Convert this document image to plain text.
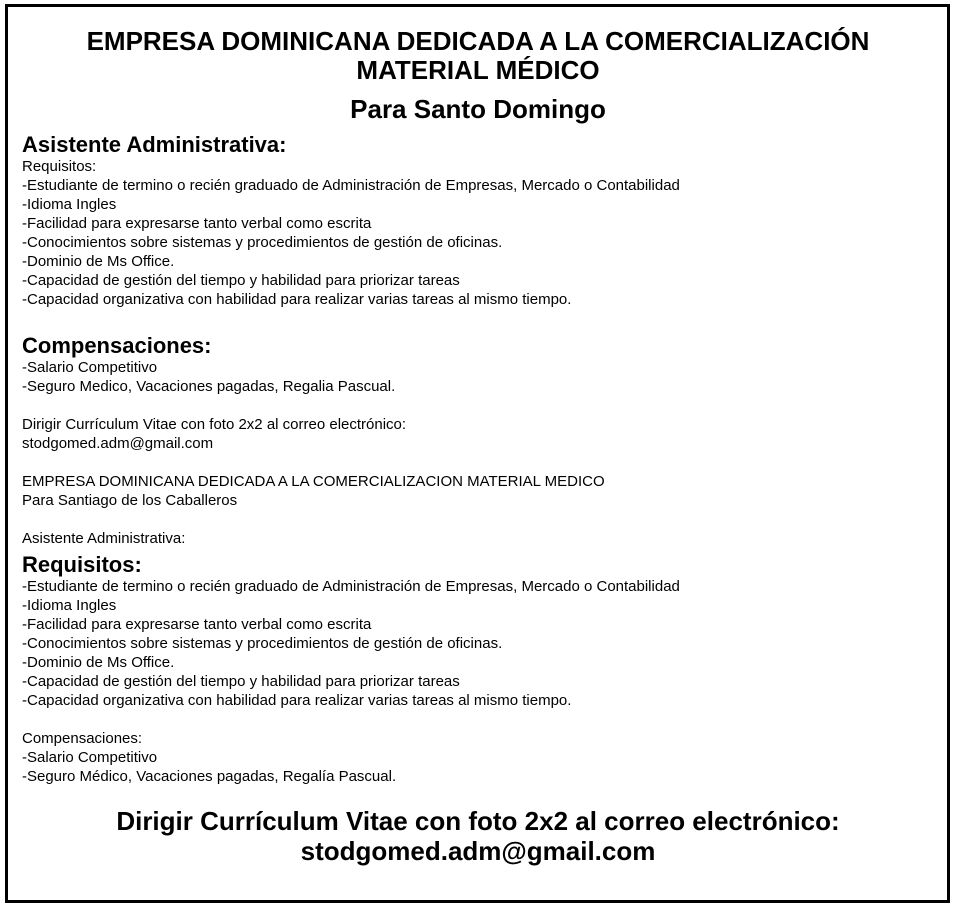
EMPRESA DOMINICANA DEDICADA A LA COMERCIALIZACIÓN MATERIAL MÉDICO
Para Santo Domingo
Asistente Administrativa:

Requisitos:

-Estudiante de termino o recién graduado de Administración de Empresas, Mercado o Contabilidad
-Idioma Ingles
-Facilidad para expresarse tanto verbal como escrita
-Conocimientos sobre sistemas y procedimientos de gestión de oficinas.
-Dominio de Ms Office.
-Capacidad de gestión del tiempo y habilidad para priorizar tareas
-Capacidad organizativa con habilidad para realizar varias tareas al mismo tiempo.
Compensaciones:
-Salario Competitivo
-Seguro Medico, Vacaciones pagadas, Regalia Pascual.

Dirigir Currículum Vitae con foto 2x2 al correo electrónico:

stodgomed.adm@gmail.com

EMPRESA DOMINICANA DEDICADA A LA COMERCIALIZACION MATERIAL MEDICO

Para Santiago de los Caballeros

Asistente Administrativa:

Requisitos:
-Estudiante de termino o recién graduado de Administración de Empresas, Mercado o Contabilidad
-Idioma Ingles
-Facilidad para expresarse tanto verbal como escrita
-Conocimientos sobre sistemas y procedimientos de gestión de oficinas.
-Dominio de Ms Office.
-Capacidad de gestión del tiempo y habilidad para priorizar tareas
-Capacidad organizativa con habilidad para realizar varias tareas al mismo tiempo.

Compensaciones:

-Salario Competitivo
-Seguro Médico, Vacaciones pagadas, Regalía Pascual.

Dirigir Currículum Vitae con foto 2x2 al correo electrónico:

stodgomed.adm@gmail.com
